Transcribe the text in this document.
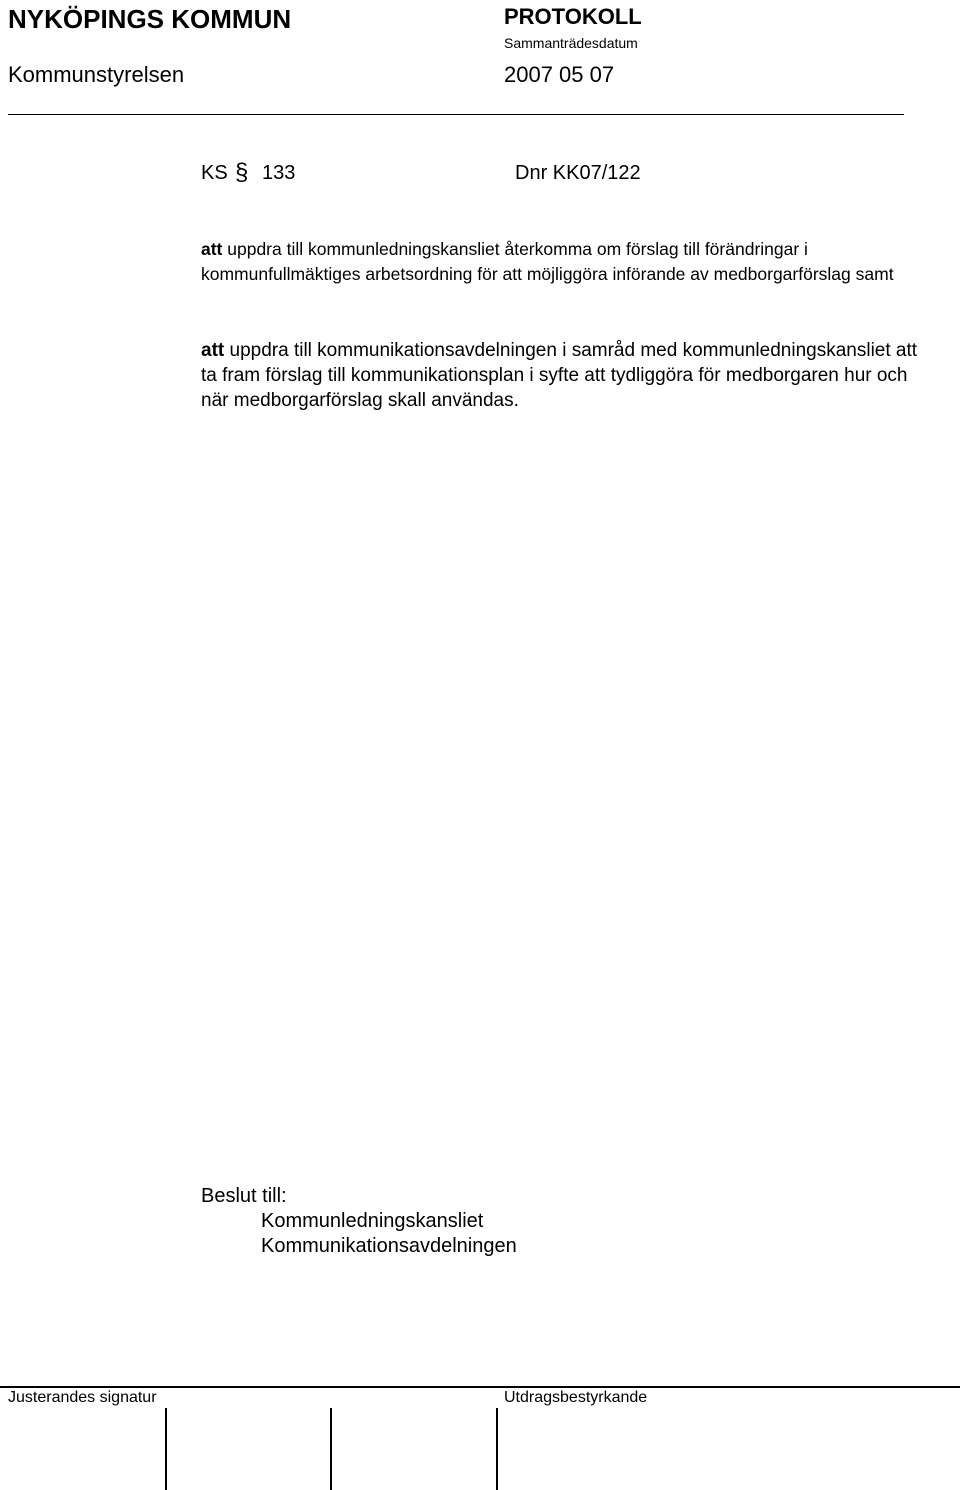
NYKÖPINGS KOMMUN	PROTOKOLL
Sammanträdesdatum
Kommunstyrelsen	2007 05 07
KS § 133	Dnr KK07/122
att uppdra till kommunledningskansliet återkomma om förslag till förändringar i kommunfullmäktiges arbetsordning för att möjliggöra införande av medborgarförslag samt
att uppdra till kommunikationsavdelningen i samråd med kommunledningskansliet att ta fram förslag till kommunikationsplan i syfte att tydliggöra för medborgaren hur och när medborgarförslag skall användas.
Beslut till:
Kommunledningskansliet
Kommunikationsavdelningen
Justerandes signatur	Utdragsbestyrkande
